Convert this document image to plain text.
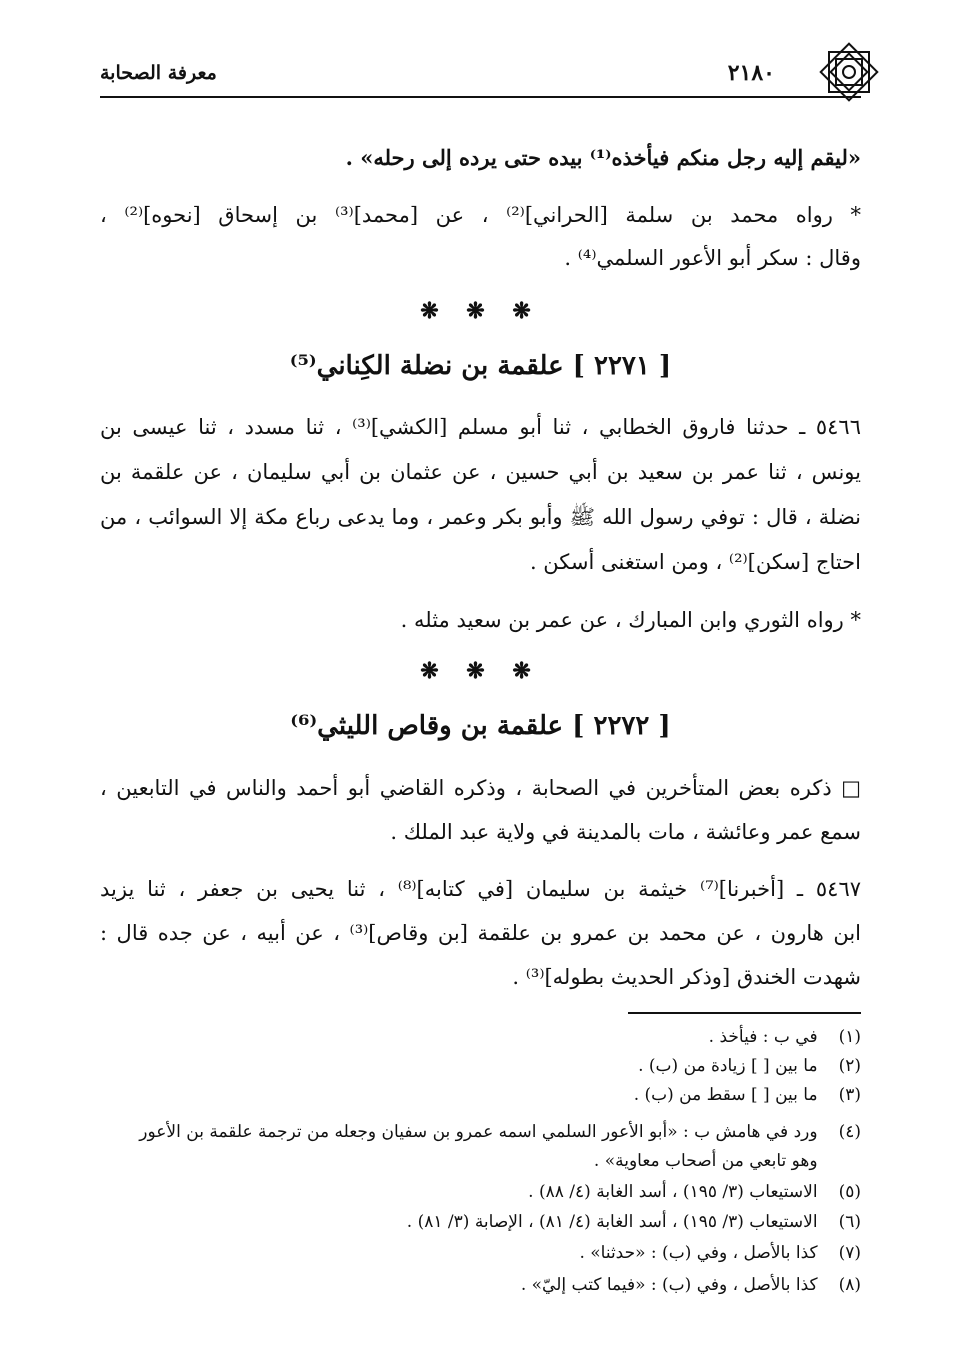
معرفة الصحابة	٢١٨٠
«ليقم إليه رجل منكم فيأخذه⁽¹⁾ بيده حتى يرده إلى رحله» .
* رواه محمد بن سلمة [الحراني]⁽²⁾ ، عن [محمد]⁽³⁾ بن إسحاق [نحوه]⁽²⁾ ،
وقال : سكر أبو الأعور السلمي⁽⁴⁾ .
❋ ❋ ❋
[ ٢٢٧١ ] علقمة بن نضلة الكِناني⁽⁵⁾
٥٤٦٦ ـ حدثنا فاروق الخطابي ، ثنا أبو مسلم [الكشي]⁽³⁾ ، ثنا مسدد ، ثنا عيسى بن
يونس ، ثنا عمر بن سعيد بن أبي حسين ، عن عثمان بن أبي سليمان ، عن علقمة بن
نضلة ، قال : توفي رسول الله ﷺ وأبو بكر وعمر ، وما يدعى رباع مكة إلا السوائب ، من
احتاج [سكن]⁽²⁾ ، ومن استغنى أسكن .
* رواه الثوري وابن المبارك ، عن عمر بن سعيد مثله .
❋ ❋ ❋
[ ٢٢٧٢ ] علقمة بن وقاص الليثي⁽⁶⁾
□ ذكره بعض المتأخرين في الصحابة ، وذكره القاضي أبو أحمد والناس في التابعين ،
سمع عمر وعائشة ، مات بالمدينة في ولاية عبد الملك .
٥٤٦٧ ـ [أخبرنا]⁽⁷⁾ خيثمة بن سليمان [في كتابه]⁽⁸⁾ ، ثنا يحيى بن جعفر ، ثنا يزيد
ابن هارون ، عن محمد بن عمرو بن علقمة [بن وقاص]⁽³⁾ ، عن أبيه ، عن جده قال :
شهدت الخندق [وذكر الحديث بطوله]⁽³⁾ .
(١) في ب : فيأخذ .
(٢) ما بين [ ] زيادة من (ب) .
(٣) ما بين [ ] سقط من (ب) .
(٤) ورد في هامش ب : «أبو الأعور السلمي اسمه عمرو بن سفيان وجعله من ترجمة علقمة بن الأعور
وهو تابعي من أصحاب معاوية» .
(٥) الاستيعاب (٣/ ١٩٥) ، أسد الغابة (٤/ ٨٨) .
(٦) الاستيعاب (٣/ ١٩٥) ، أسد الغابة (٤/ ٨١) ، الإصابة (٣/ ٨١) .
(٧) كذا بالأصل ، وفي (ب) : «حدثنا» .
(٨) كذا بالأصل ، وفي (ب) : «فيما كتب إليّ» .
